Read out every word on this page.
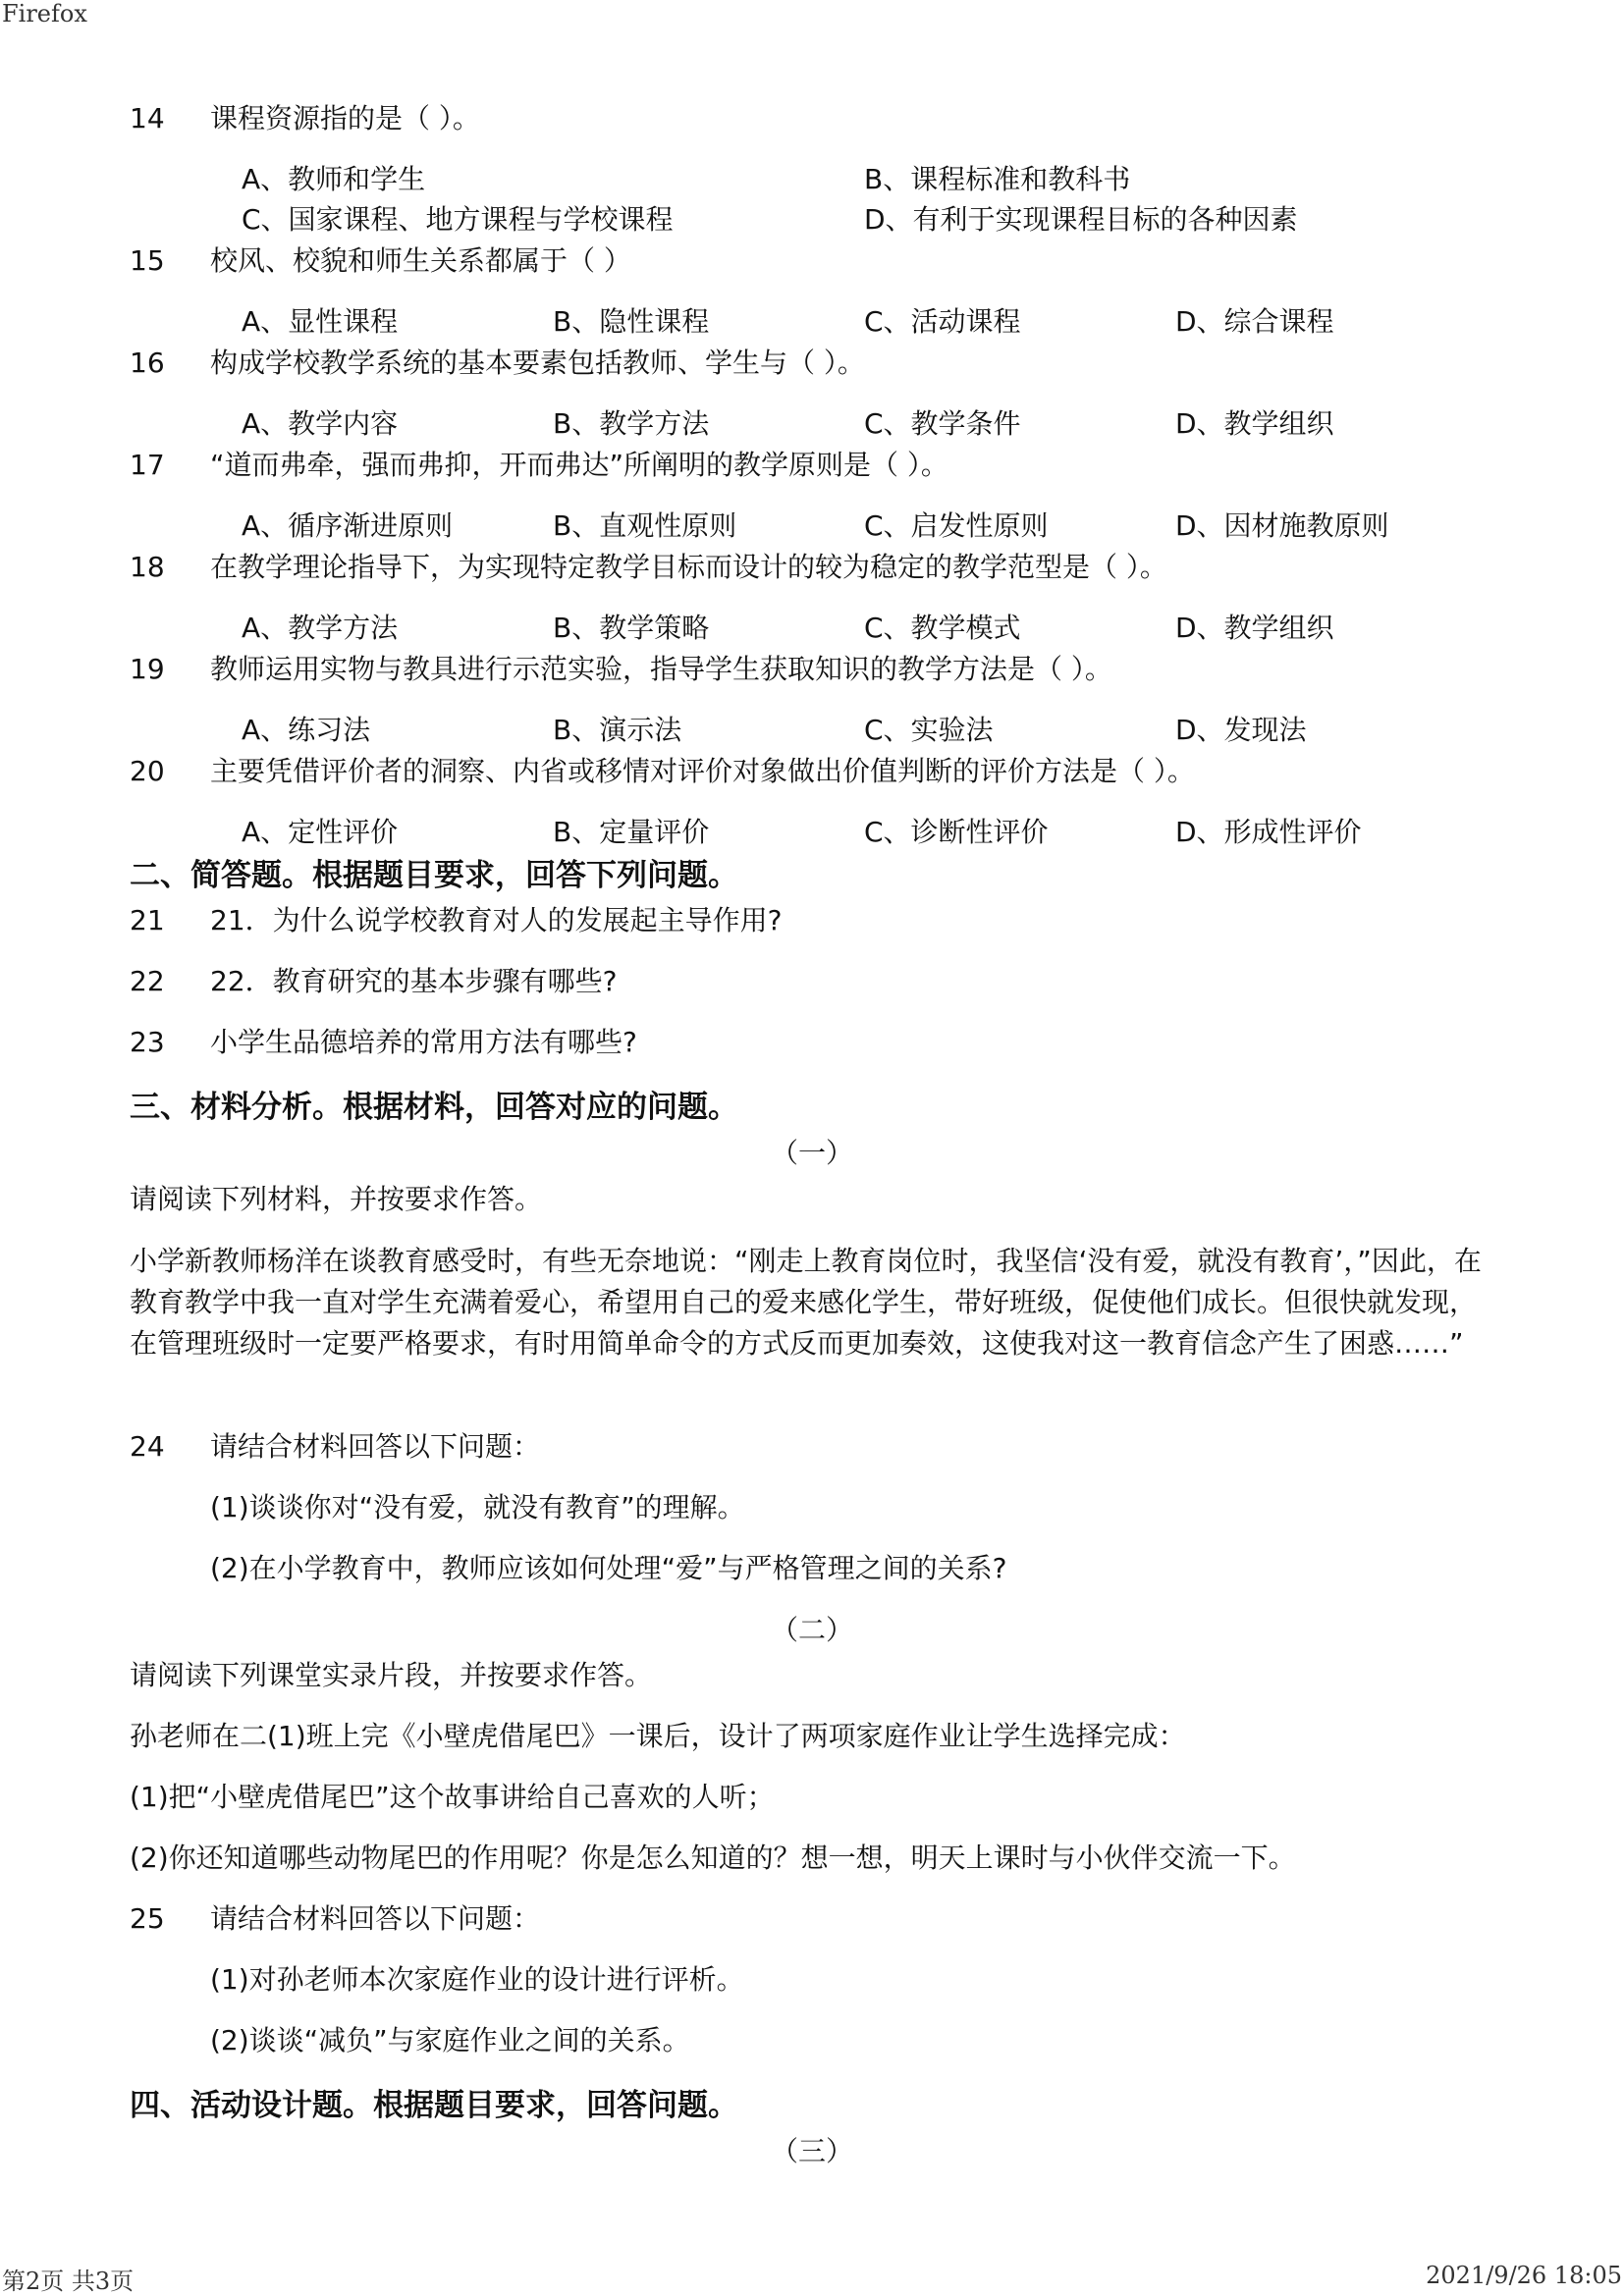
Firefox
14 课程资源指的是（ ）。
A、教师和学生	B、课程标准和教科书
C、国家课程、地方课程与学校课程	D、有利于实现课程目标的各种因素
15 校风、校貌和师生关系都属于（ ）
A、显性课程	B、隐性课程	C、活动课程	D、综合课程
16 构成学校教学系统的基本要素包括教师、学生与（ ）。
A、教学内容	B、教学方法	C、教学条件	D、教学组织
17 “道而弗牵，强而弗抑，开而弗达”所阐明的教学原则是（ ）。
A、循序渐进原则	B、直观性原则	C、启发性原则	D、因材施教原则
18 在教学理论指导下，为实现特定教学目标而设计的较为稳定的教学范型是（ ）。
A、教学方法	B、教学策略	C、教学模式	D、教学组织
19 教师运用实物与教具进行示范实验，指导学生获取知识的教学方法是（ ）。
A、练习法	B、演示法	C、实验法	D、发现法
20 主要凭借评价者的洞察、内省或移情对评价对象做出价值判断的评价方法是（ ）。
A、定性评价	B、定量评价	C、诊断性评价	D、形成性评价
二、简答题。根据题目要求，回答下列问题。
21 21．为什么说学校教育对人的发展起主导作用?
22 22．教育研究的基本步骤有哪些?
23 小学生品德培养的常用方法有哪些?
三、材料分析。根据材料，回答对应的问题。
（一）
请阅读下列材料，并按要求作答。
小学新教师杨洋在谈教育感受时，有些无奈地说：“刚走上教育岗位时，我坚信‘没有爱，就没有教育’，”因此，在教育教学中我一直对学生充满着爱心，希望用自己的爱来感化学生，带好班级，促使他们成长。但很快就发现，在管理班级时一定要严格要求，有时用简单命令的方式反而更加奏效，这使我对这一教育信念产生了困惑……”
24 请结合材料回答以下问题：
(1)谈谈你对“没有爱，就没有教育”的理解。
(2)在小学教育中，教师应该如何处理“爱”与严格管理之间的关系?
（二）
请阅读下列课堂实录片段，并按要求作答。
孙老师在二(1)班上完《小壁虎借尾巴》一课后，设计了两项家庭作业让学生选择完成：
(1)把“小壁虎借尾巴”这个故事讲给自己喜欢的人听；
(2)你还知道哪些动物尾巴的作用呢？你是怎么知道的？想一想，明天上课时与小伙伴交流一下。
25 请结合材料回答以下问题：
(1)对孙老师本次家庭作业的设计进行评析。
(2)谈谈“减负”与家庭作业之间的关系。
四、活动设计题。根据题目要求，回答问题。
（三）
第2页 共3页	2021/9/26 18:05
